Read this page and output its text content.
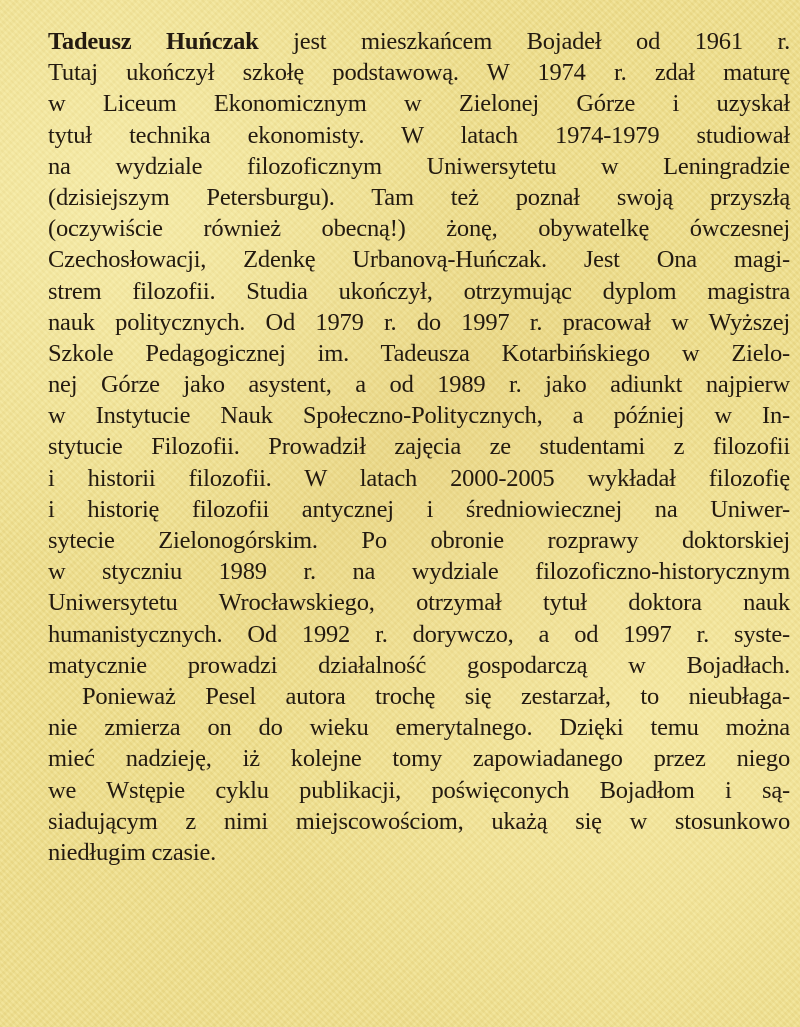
Tadeusz Huńczak jest mieszkańcem Bojadeł od 1961 r.
Tutaj ukończył szkołę podstawową. W 1974 r. zdał maturę
w Liceum Ekonomicznym w Zielonej Górze i uzyskał
tytuł technika ekonomisty. W latach 1974-1979 studiował
na wydziale filozoficznym Uniwersytetu w Leningradzie
(dzisiejszym Petersburgu). Tam też poznał swoją przyszłą
(oczywiście również obecną!) żonę, obywatelkę ówczesnej
Czechosłowacji, Zdenkę Urbanovą-Huńczak. Jest Ona magi-
strem filozofii. Studia ukończył, otrzymując dyplom magistra
nauk politycznych. Od 1979 r. do 1997 r. pracował w Wyższej
Szkole Pedagogicznej im. Tadeusza Kotarbińskiego w Zielo-
nej Górze jako asystent, a od 1989 r. jako adiunkt najpierw
w Instytucie Nauk Społeczno-Politycznych, a później w In-
stytucie Filozofii. Prowadził zajęcia ze studentami z filozofii
i historii filozofii. W latach 2000-2005 wykładał filozofię
i historię filozofii antycznej i średniowiecznej na Uniwer-
sytecie Zielonogórskim. Po obronie rozprawy doktorskiej
w styczniu 1989 r. na wydziale filozoficzno-historycznym
Uniwersytetu Wrocławskiego, otrzymał tytuł doktora nauk
humanistycznych. Od 1992 r. dorywczo, a od 1997 r. syste-
matycznie prowadzi działalność gospodarczą w Bojadłach.
Ponieważ Pesel autora trochę się zestarzał, to nieubłaga-
nie zmierza on do wieku emerytalnego. Dzięki temu można
mieć nadzieję, iż kolejne tomy zapowiadanego przez niego
we Wstępie cyklu publikacji, poświęconych Bojadłom i są-
siadującym z nimi miejscowościom, ukażą się w stosunkowo
niedługim czasie.
